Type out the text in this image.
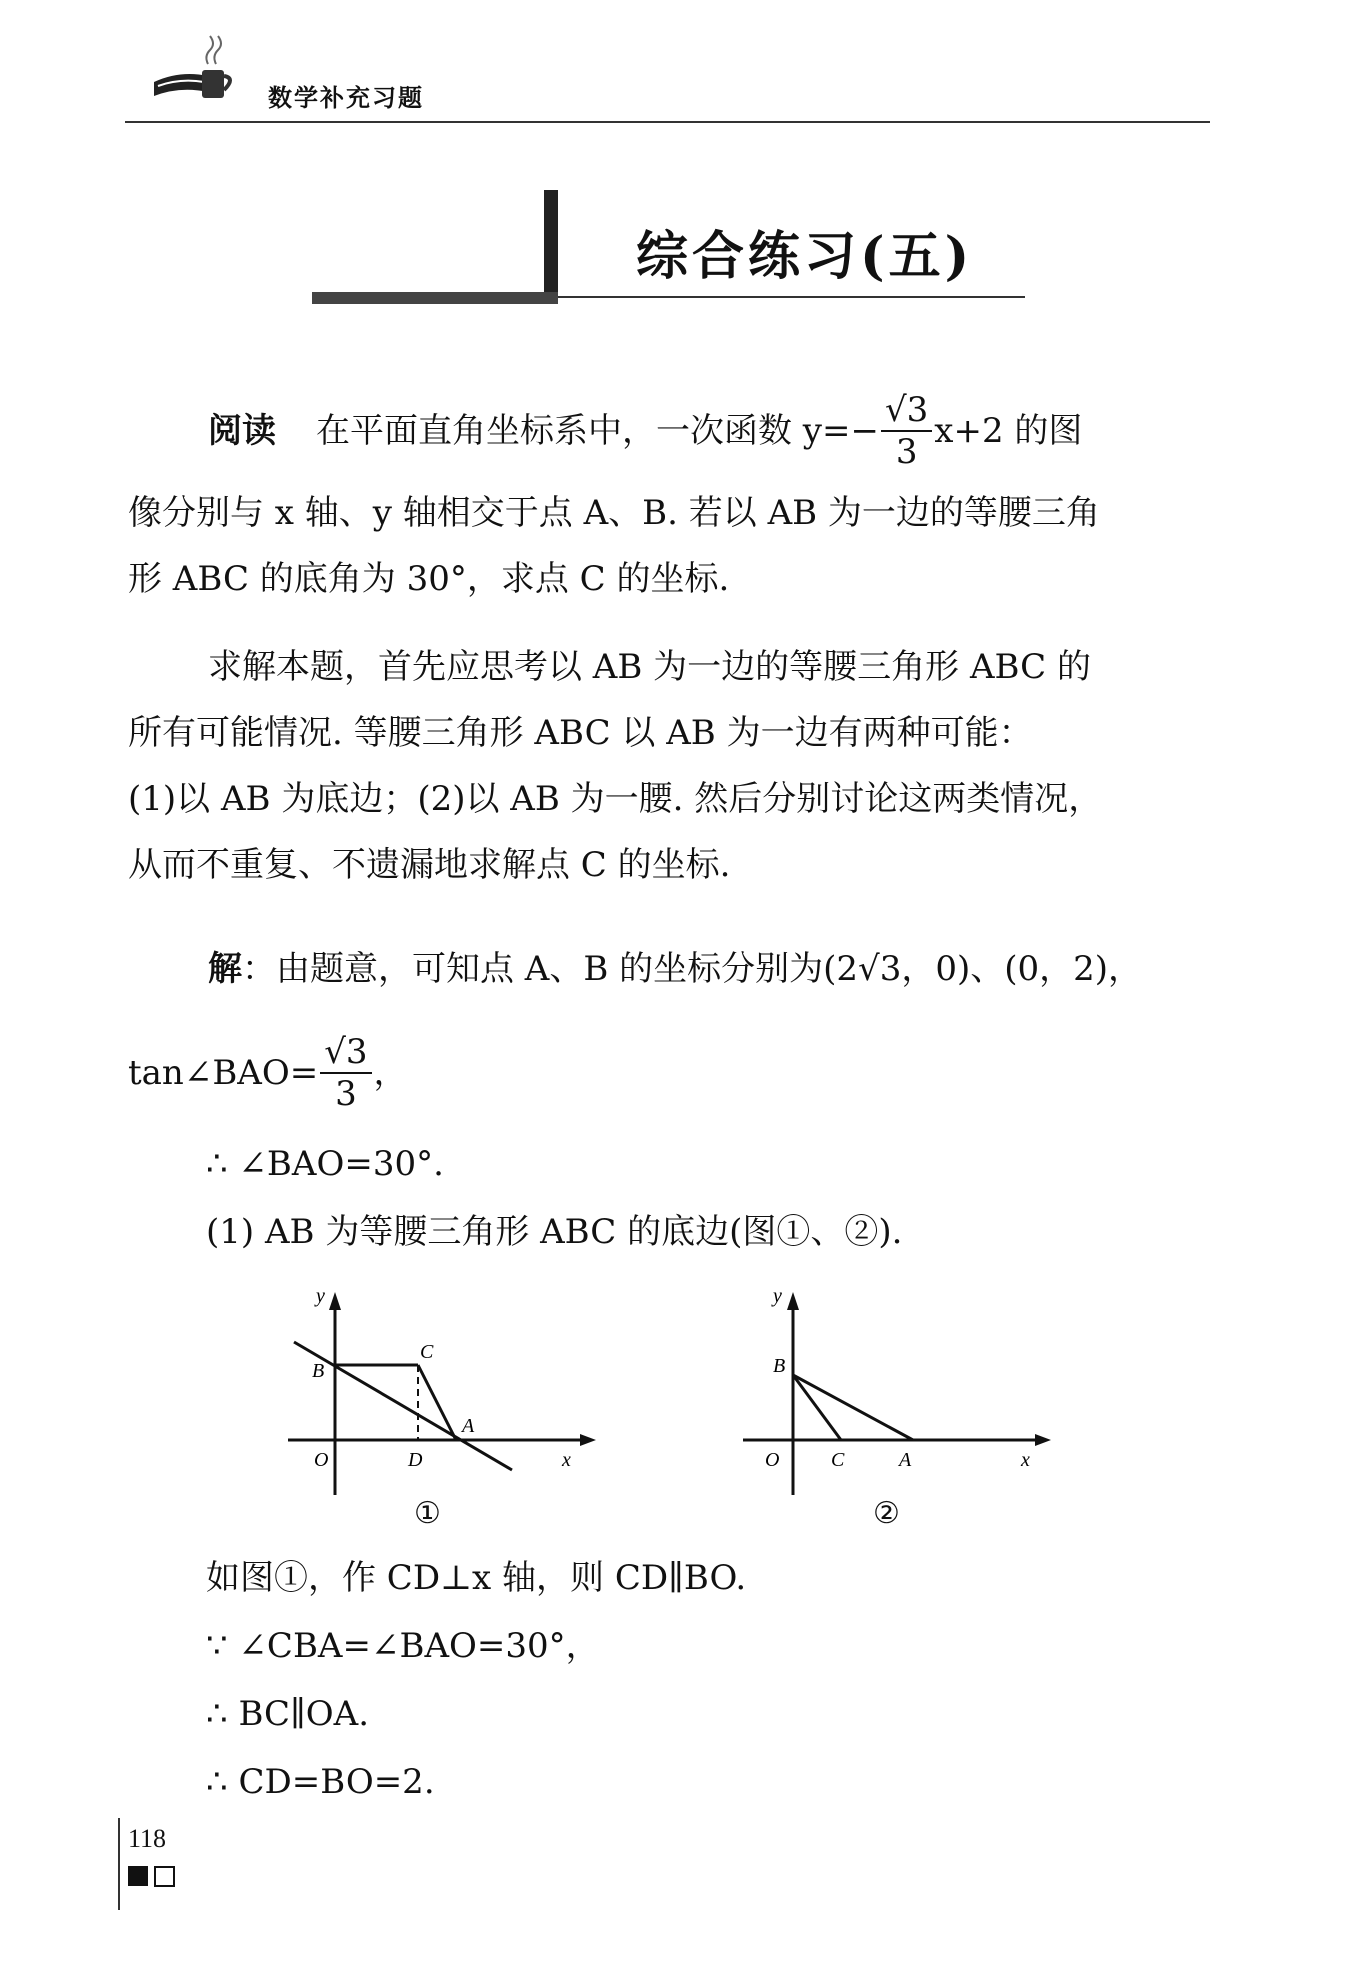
数学补充习题
综合练习(五)
阅读 在平面直角坐标系中，一次函数 $y=- \frac{√3}{3} x+2$ 的图
像分别与 x 轴、y 轴相交于点 A、B. 若以 AB 为一边的等腰三角
形 ABC 的底角为 30°，求点 C 的坐标.
求解本题，首先应思考以 AB 为一边的等腰三角形 ABC 的
所有可能情况. 等腰三角形 ABC 以 AB 为一边有两种可能：
(1)以 AB 为底边；(2)以 AB 为一腰. 然后分别讨论这两类情况，
从而不重复、不遗漏地求解点 C 的坐标.
解：由题意，可知点 A、B 的坐标分别为(2√3，0)、(0，2)，
tan∠BAO= $\frac{√3}{3}$ ，
∴ ∠BAO=30°.
(1) AB 为等腰三角形 ABC 的底边(图①、②).
y
B
C
A
O	D	x
①
y
B
O	C	A	x
②
如图①，作 CD⊥x 轴，则 CD∥BO.
∵ ∠CBA=∠BAO=30°，
∴ BC∥OA.
∴ CD=BO=2.
118
